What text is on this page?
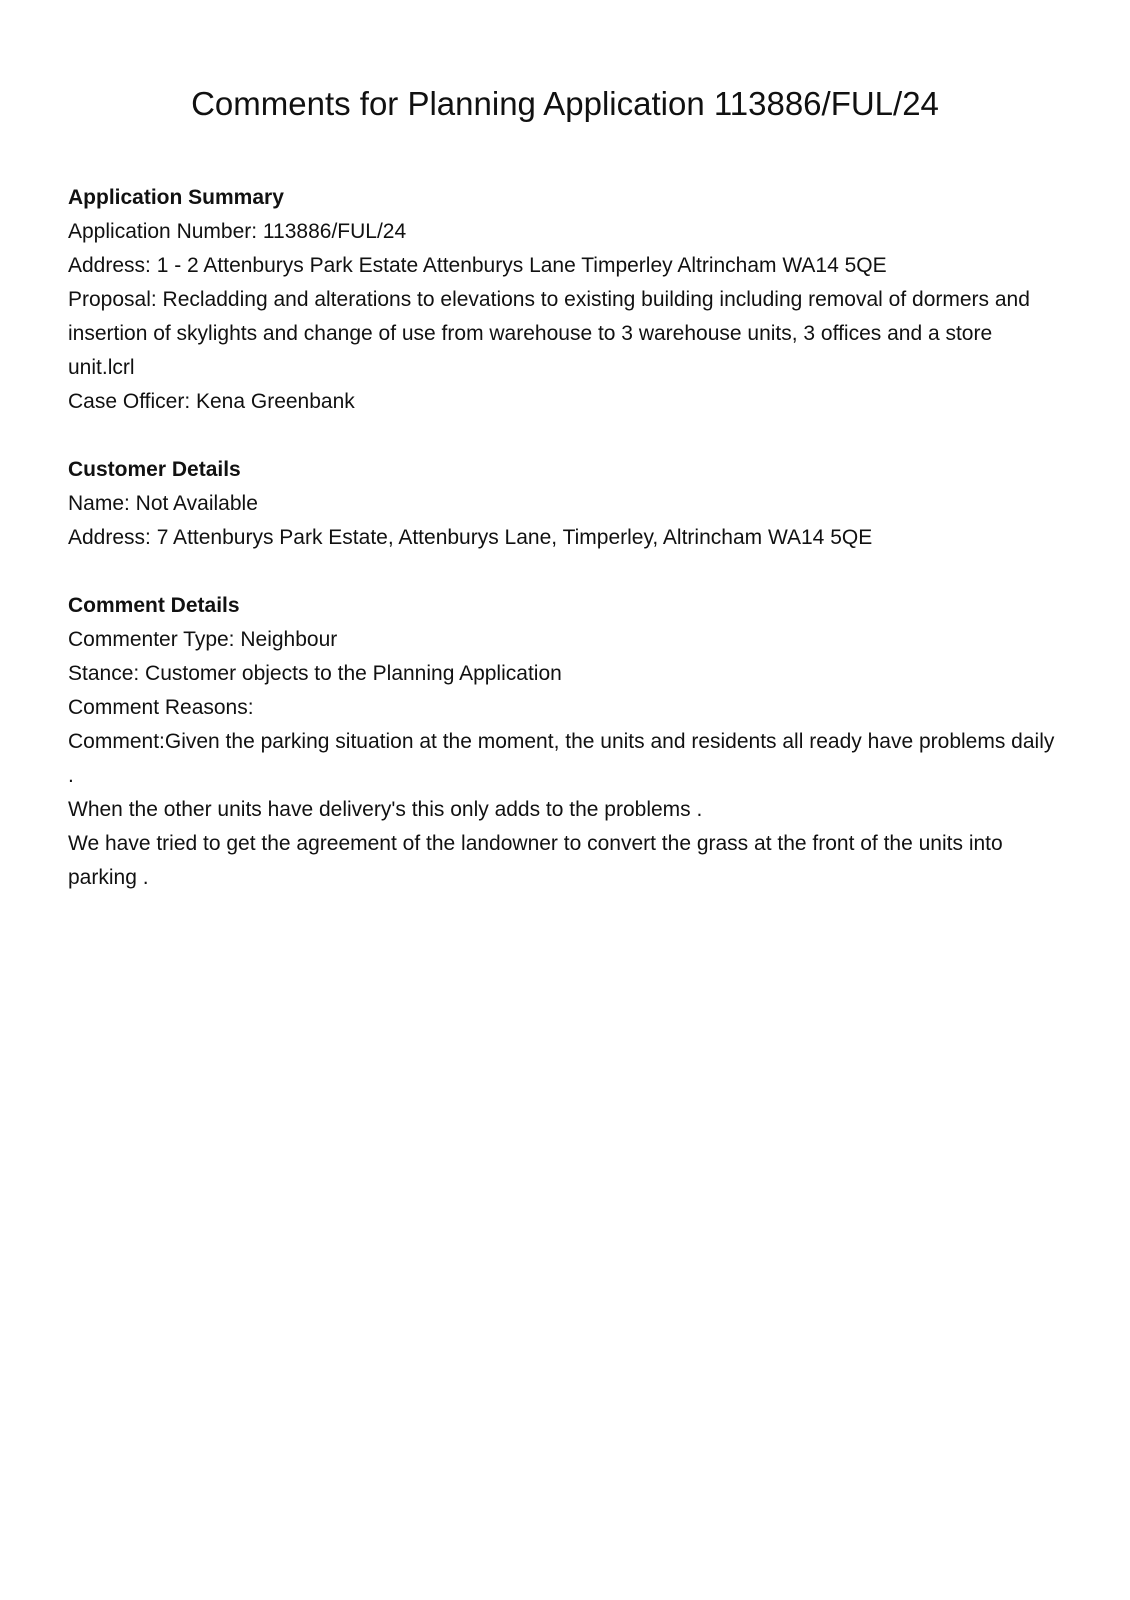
Comments for Planning Application 113886/FUL/24

Application Summary

Application Number: 113886/FUL/24

Address: 1 - 2 Attenburys Park Estate Attenburys Lane Timperley Altrincham WA14 5QE

Proposal: Recladding and alterations to elevations to existing building including removal of dormers and insertion of skylights and change of use from warehouse to 3 warehouse units, 3 offices and a store unit.lcrl

Case Officer: Kena Greenbank

Customer Details

Name: Not Available

Address: 7 Attenburys Park Estate, Attenburys Lane, Timperley, Altrincham WA14 5QE

Comment Details

Commenter Type: Neighbour

Stance: Customer objects to the Planning Application

Comment Reasons:

Comment:Given the parking situation at the moment, the units and residents all ready have problems daily .

When the other units have delivery's this only adds to the problems .

We have tried to get the agreement of the landowner to convert the grass at the front of the units into parking .
